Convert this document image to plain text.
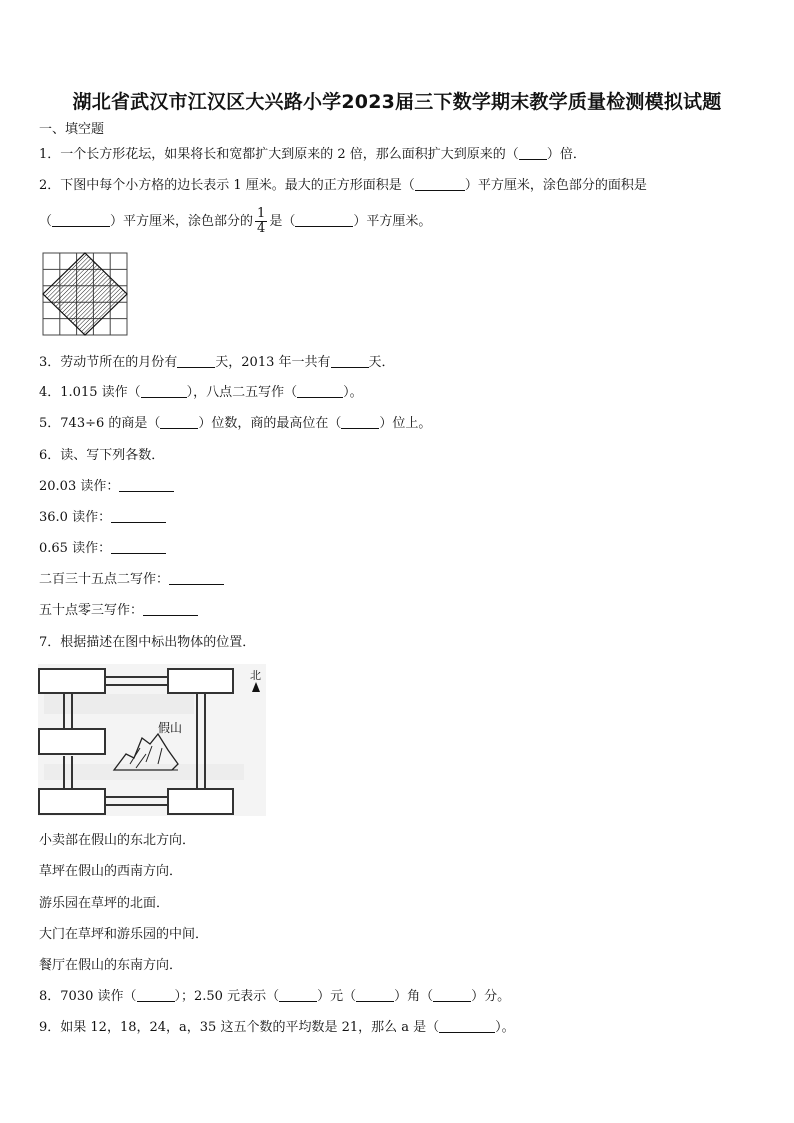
湖北省武汉市江汉区大兴路小学2023届三下数学期末教学质量检测模拟试题
一、填空题
1．一个长方形花坛，如果将长和宽都扩大到原来的 2 倍，那么面积扩大到原来的（ ）倍．
2．下图中每个小方格的边长表示 1 厘米。最大的正方形面积是（	）平方厘米，涂色部分的面积是
（	）平方厘米，涂色部分的 $\frac{1}{4}$ 是（	）平方厘米。
3．劳动节所在的月份有	天，2013 年一共有	天．
4．1.015 读作（	），八点二五写作（	）。
5．743÷6 的商是（	）位数，商的最高位在（	）位上。
6．读、写下列各数．
20.03 读作：
36.0 读作：
0.65 读作：
二百三十五点二写作：
五十点零三写作：
7．根据描述在图中标出物体的位置．
假山
北
小卖部在假山的东北方向．
草坪在假山的西南方向．
游乐园在草坪的北面．
大门在草坪和游乐园的中间．
餐厅在假山的东南方向．
8．7030 读作（	）；2.50 元表示（	）元（	）角（	）分。
9．如果 12，18，24，a，35 这五个数的平均数是 21，那么 a 是（	）。
